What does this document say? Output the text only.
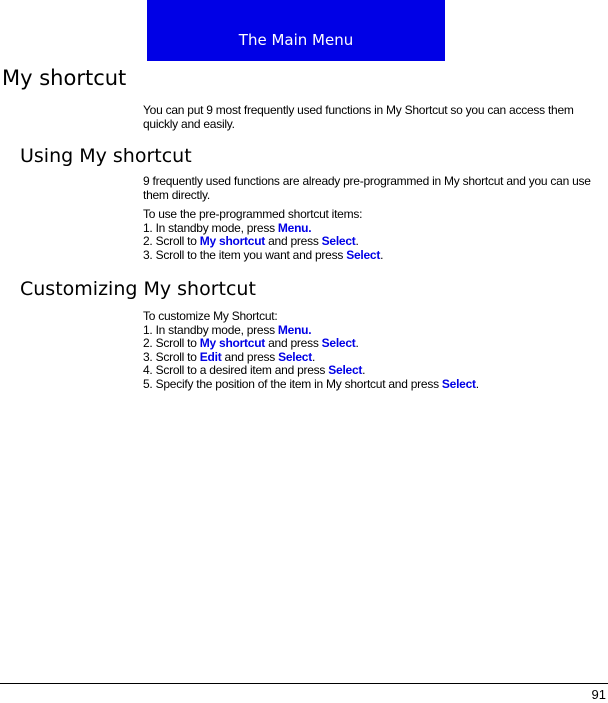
The Main Menu
My shortcut

You can put 9 most frequently used functions in My Shortcut so you can access them quickly and easily.

Using My shortcut

9 frequently used functions are already pre-programmed in My shortcut and you can use them directly.

To use the pre-programmed shortcut items:

1. In standby mode, press Menu.

2. Scroll to My shortcut and press Select.

3. Scroll to the item you want and press Select.

Customizing My shortcut

To customize My Shortcut:

1. In standby mode, press Menu.

2. Scroll to My shortcut and press Select.

3. Scroll to Edit and press Select.

4. Scroll to a desired item and press Select.

5. Specify the position of the item in My shortcut and press Select.

91
